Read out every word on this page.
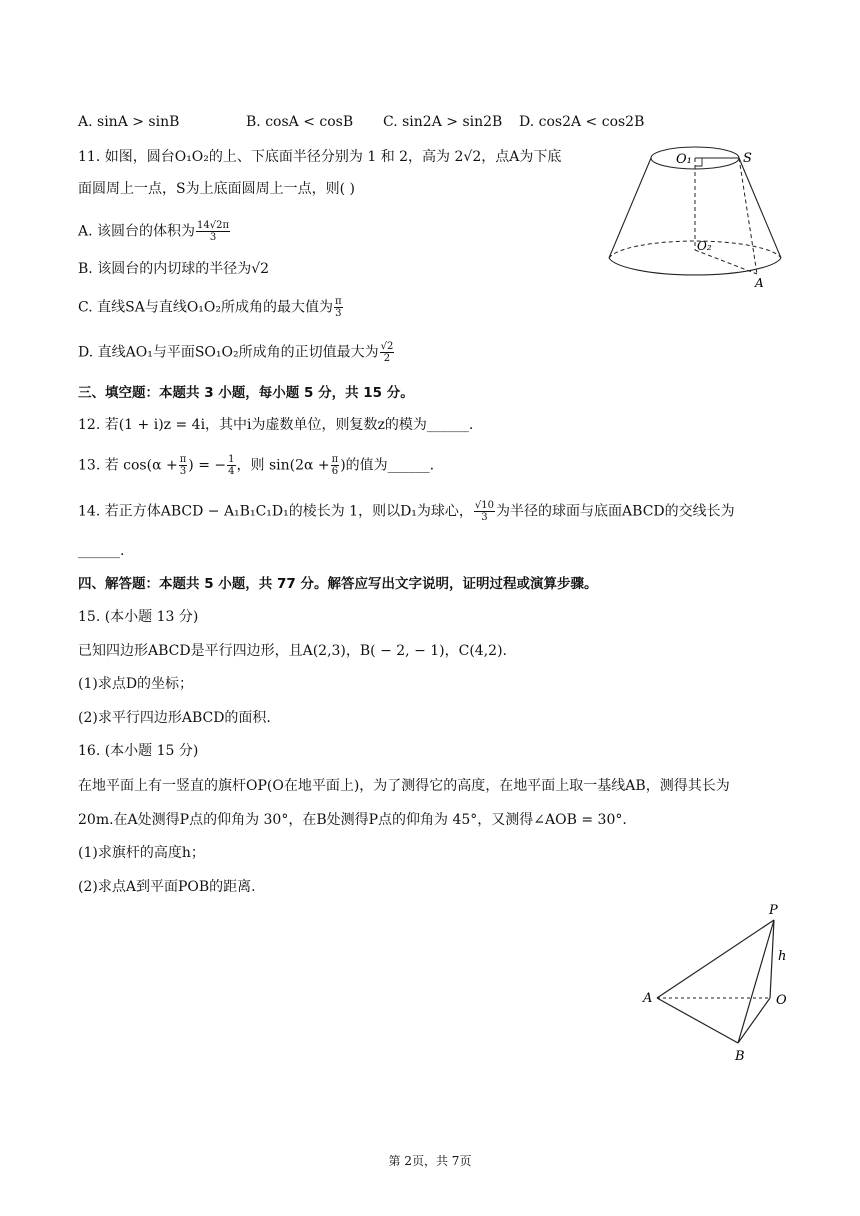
A. sinA > sinB	B. cosA < cosB C. sin2A > sin2B D. cos2A < cos2B
11. 如图，圆台O₁O₂的上、下底面半径分别为 1 和 2，高为 2√2，点A为下底
面圆周上一点，S为上底面圆周上一点，则( )
A. 该圆台的体积为 $\frac{14√2\pi}{3}$
B. 该圆台的内切球的半径为√2
C. 直线SA与直线O₁O₂所成角的最大值为 $\frac{\pi}{3}$
D. 直线AO₁与平面SO₁O₂所成角的正切值最大为 $\frac{√2}{2}$
O₁	S
O₂
A
三、填空题：本题共 3 小题，每小题 5 分，共 15 分。
12. 若(1 + i)z = 4i，其中i为虚数单位，则复数z的模为______.
13. 若 $\cos(\alpha + \frac{\pi}{3}$ ) = − $\frac{1}{4}$ ，则 $\sin(2\alpha + \frac{\pi}{6}$ )的值为______.
14. 若正方体ABCD − A₁B₁C₁D₁的棱长为 1，则以D₁为球心， $\frac{√10}{3}$ 为半径的球面与底面ABCD的交线长为
______.
四、解答题：本题共 5 小题，共 77 分。解答应写出文字说明，证明过程或演算步骤。
15. (本小题 13 分)
已知四边形ABCD是平行四边形，且A(2,3)，B( − 2, − 1)，C(4,2).
(1)求点D的坐标；
(2)求平行四边形ABCD的面积.
16. (本小题 15 分)
在地平面上有一竖直的旗杆OP(O在地平面上)，为了测得它的高度，在地平面上取一基线AB，测得其长为
20m.在A处测得P点的仰角为 30°，在B处测得P点的仰角为 45°，又测得∠AOB = 30°.
(1)求旗杆的高度h；
(2)求点A到平面POB的距离.
P
h
A	O
B
第 2页，共 7页
